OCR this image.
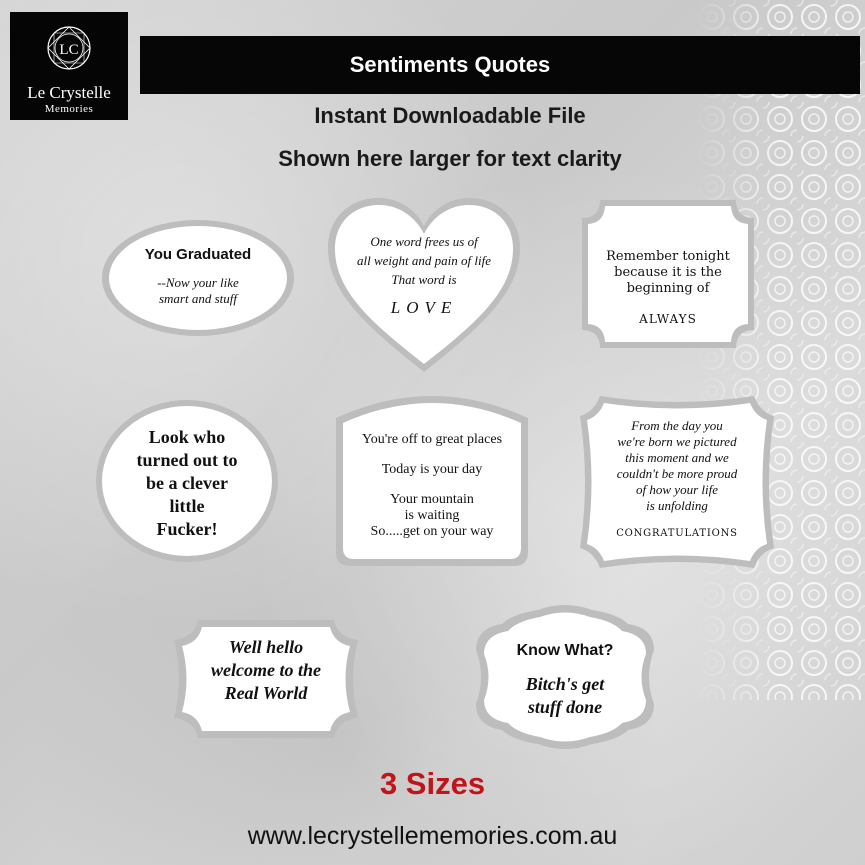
LC
Le Crystelle
Memories
Sentiments Quotes
Instant Downloadable File
Shown here larger for text clarity
You Graduated
--Now your like
smart and stuff
One word frees us of
all weight and pain of life
That word is
LOVE
Remember tonight
because it is the
beginning of
ALWAYS
Look who
turned out to
be a clever
little
Fucker!
You're off to great places
Today is your day
Your mountain
is waiting
So.....get on your way
From the day you
we're born we pictured
this moment and we
couldn't be more proud
of how your life
is unfolding
CONGRATULATIONS
Well hello
welcome to the
Real World
Know What?
Bitch's get
stuff done
3 Sizes
www.lecrystellememories.com.au
